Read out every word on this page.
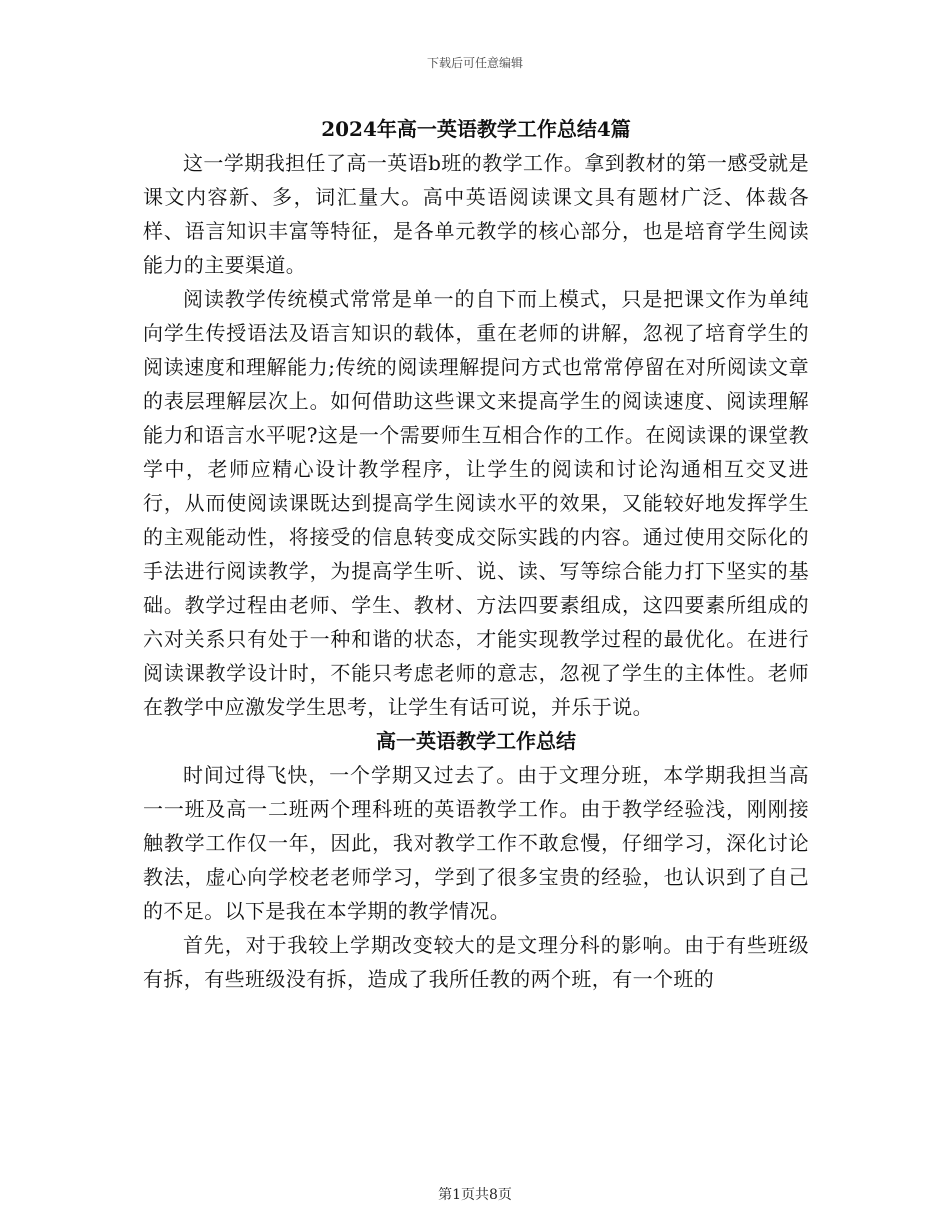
下载后可任意编辑

2024年高一英语教学工作总结4篇

这一学期我担任了高一英语b班的教学工作。拿到教材的第一感受就是课文内容新、多，词汇量大。高中英语阅读课文具有题材广泛、体裁各样、语言知识丰富等特征，是各单元教学的核心部分，也是培育学生阅读能力的主要渠道。

阅读教学传统模式常常是单一的自下而上模式，只是把课文作为单纯向学生传授语法及语言知识的载体，重在老师的讲解，忽视了培育学生的阅读速度和理解能力;传统的阅读理解提问方式也常常停留在对所阅读文章的表层理解层次上。如何借助这些课文来提高学生的阅读速度、阅读理解能力和语言水平呢?这是一个需要师生互相合作的工作。在阅读课的课堂教学中，老师应精心设计教学程序，让学生的阅读和讨论沟通相互交叉进行，从而使阅读课既达到提高学生阅读水平的效果，又能较好地发挥学生的主观能动性，将接受的信息转变成交际实践的内容。通过使用交际化的手法进行阅读教学，为提高学生听、说、读、写等综合能力打下坚实的基础。教学过程由老师、学生、教材、方法四要素组成，这四要素所组成的六对关系只有处于一种和谐的状态，才能实现教学过程的最优化。在进行阅读课教学设计时，不能只考虑老师的意志，忽视了学生的主体性。老师在教学中应激发学生思考，让学生有话可说，并乐于说。

高一英语教学工作总结

时间过得飞快，一个学期又过去了。由于文理分班，本学期我担当高一一班及高一二班两个理科班的英语教学工作。由于教学经验浅，刚刚接触教学工作仅一年，因此，我对教学工作不敢怠慢，仔细学习，深化讨论教法，虚心向学校老老师学习，学到了很多宝贵的经验，也认识到了自己的不足。以下是我在本学期的教学情况。

首先，对于我较上学期改变较大的是文理分科的影响。由于有些班级有拆，有些班级没有拆，造成了我所任教的两个班，有一个班的

第1页共8页
